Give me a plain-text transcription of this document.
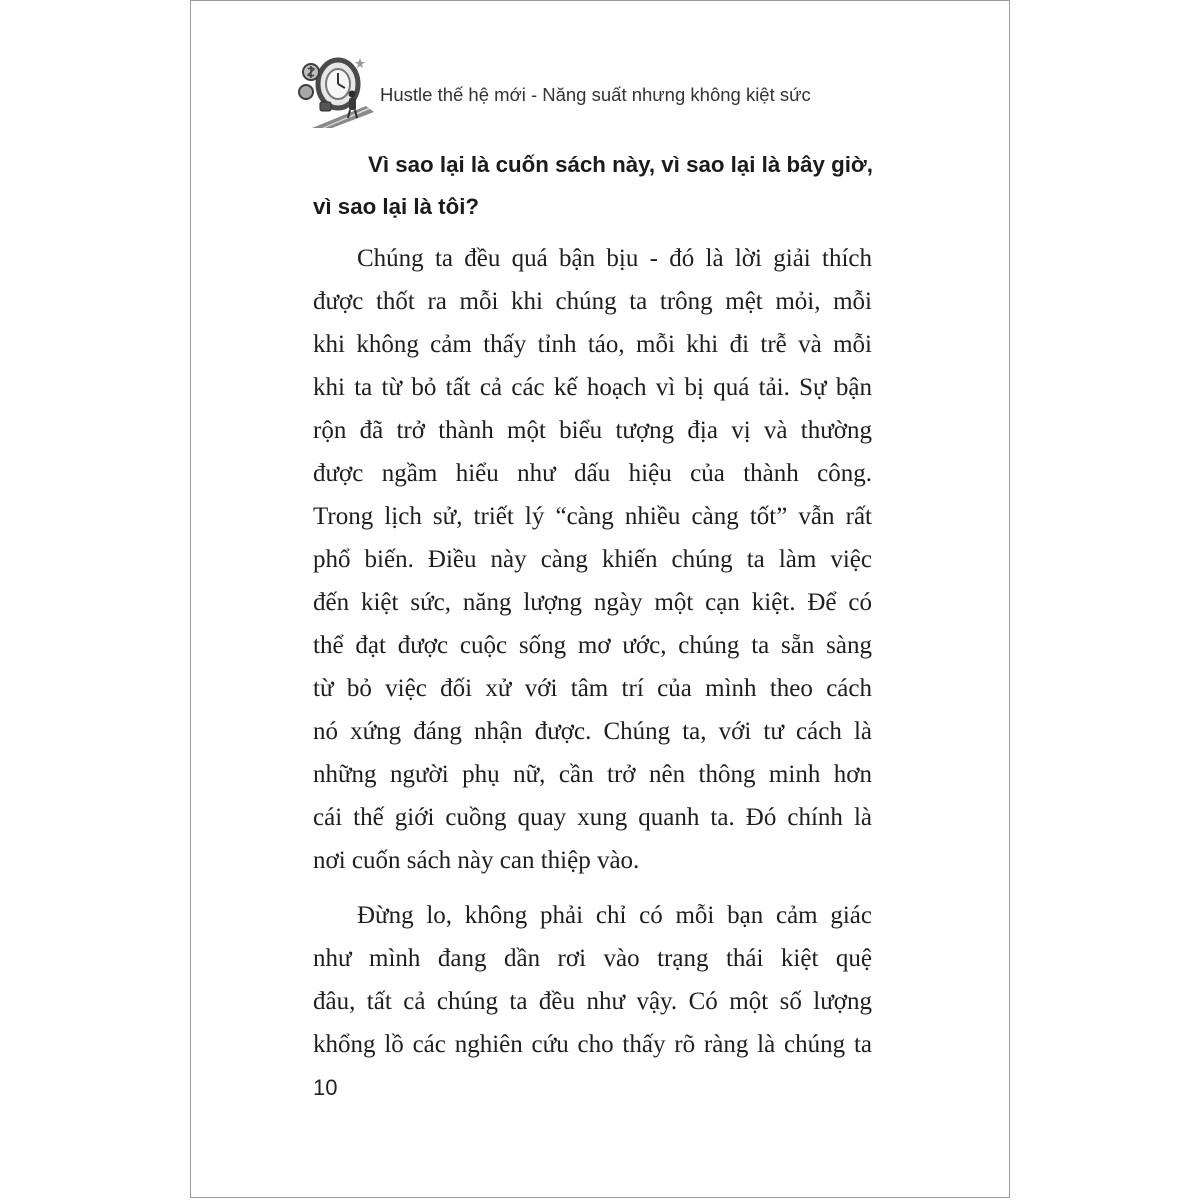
Hustle thế hệ mới - Năng suất nhưng không kiệt sức
Vì sao lại là cuốn sách này, vì sao lại là bây giờ,
vì sao lại là tôi?
Chúng ta đều quá bận bịu - đó là lời giải thích
được thốt ra mỗi khi chúng ta trông mệt mỏi, mỗi
khi không cảm thấy tỉnh táo, mỗi khi đi trễ và mỗi
khi ta từ bỏ tất cả các kế hoạch vì bị quá tải. Sự bận
rộn đã trở thành một biểu tượng địa vị và thường
được ngầm hiểu như dấu hiệu của thành công.
Trong lịch sử, triết lý “càng nhiều càng tốt” vẫn rất
phổ biến. Điều này càng khiến chúng ta làm việc
đến kiệt sức, năng lượng ngày một cạn kiệt. Để có
thể đạt được cuộc sống mơ ước, chúng ta sẵn sàng
từ bỏ việc đối xử với tâm trí của mình theo cách
nó xứng đáng nhận được. Chúng ta, với tư cách là
những người phụ nữ, cần trở nên thông minh hơn
cái thế giới cuồng quay xung quanh ta. Đó chính là
nơi cuốn sách này can thiệp vào.
Đừng lo, không phải chỉ có mỗi bạn cảm giác
như mình đang dần rơi vào trạng thái kiệt quệ
đâu, tất cả chúng ta đều như vậy. Có một số lượng
khổng lồ các nghiên cứu cho thấy rõ ràng là chúng ta
10
